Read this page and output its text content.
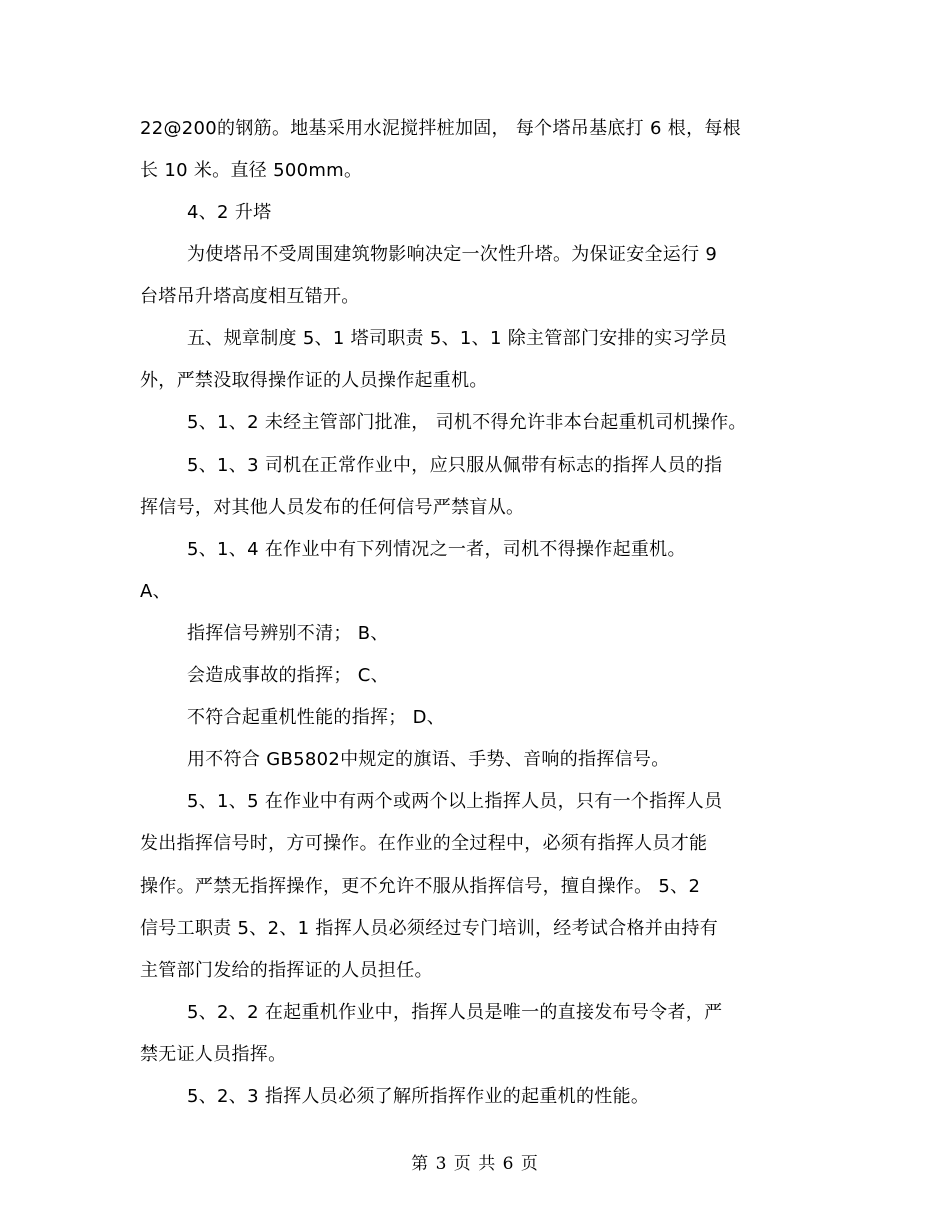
22@200的钢筋。地基采用水泥搅拌桩加固， 每个塔吊基底打 6 根，每根
长 10 米。直径 500mm。
4、2 升塔
为使塔吊不受周围建筑物影响决定一次性升塔。为保证安全运行 9
台塔吊升塔高度相互错开。
五、规章制度 5、1 塔司职责 5、1、1 除主管部门安排的实习学员
外，严禁没取得操作证的人员操作起重机。
5、1、2 未经主管部门批准， 司机不得允许非本台起重机司机操作。
5、1、3 司机在正常作业中，应只服从佩带有标志的指挥人员的指
挥信号，对其他人员发布的任何信号严禁盲从。
5、1、4 在作业中有下列情况之一者，司机不得操作起重机。
A、
指挥信号辨别不清； B、
会造成事故的指挥； C、
不符合起重机性能的指挥； D、
用不符合 GB5802中规定的旗语、手势、音响的指挥信号。
5、1、5 在作业中有两个或两个以上指挥人员，只有一个指挥人员
发出指挥信号时，方可操作。在作业的全过程中，必须有指挥人员才能
操作。严禁无指挥操作，更不允许不服从指挥信号，擅自操作。 5、2
信号工职责 5、2、1 指挥人员必须经过专门培训，经考试合格并由持有
主管部门发给的指挥证的人员担任。
5、2、2 在起重机作业中，指挥人员是唯一的直接发布号令者，严
禁无证人员指挥。
5、2、3 指挥人员必须了解所指挥作业的起重机的性能。
第 3 页 共 6 页
